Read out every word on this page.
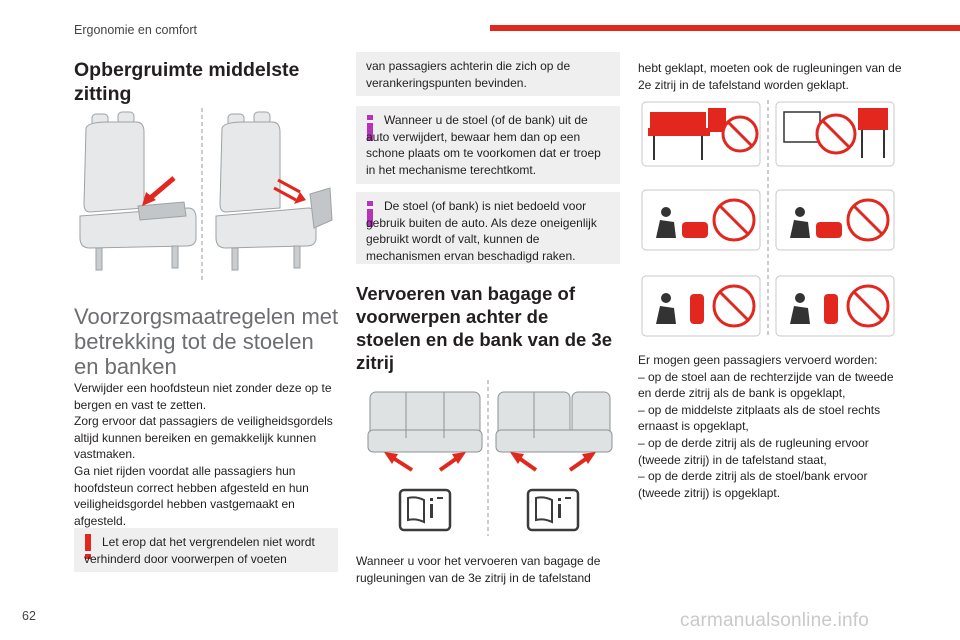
Ergonomie en comfort
Opbergruimte middelste zitting
Voorzorgsmaatregelen met betrekking tot de stoelen en banken
Verwijder een hoofdsteun niet zonder deze op te bergen en vast te zetten.
Zorg ervoor dat passagiers de veiligheidsgordels altijd kunnen bereiken en gemakkelijk kunnen vastmaken.
Ga niet rijden voordat alle passagiers hun hoofdsteun correct hebben afgesteld en hun veiligheidsgordel hebben vastgemaakt en afgesteld.
Let erop dat het vergrendelen niet wordt verhinderd door voorwerpen of voeten
van passagiers achterin die zich op de verankeringspunten bevinden.
Wanneer u de stoel (of de bank) uit de auto verwijdert, bewaar hem dan op een schone plaats om te voorkomen dat er troep in het mechanisme terechtkomt.
De stoel (of bank) is niet bedoeld voor gebruik buiten de auto. Als deze oneigenlijk gebruikt wordt of valt, kunnen de mechanismen ervan beschadigd raken.
Vervoeren van bagage of voorwerpen achter de stoelen en de bank van de 3e zitrij
Wanneer u voor het vervoeren van bagage de rugleuningen van de 3e zitrij in de tafelstand
hebt geklapt, moeten ook de rugleuningen van de 2e zitrij in de tafelstand worden geklapt.
Er mogen geen passagiers vervoerd worden:
– op de stoel aan de rechterzijde van de tweede en derde zitrij als de bank is opgeklapt,
– op de middelste zitplaats als de stoel rechts ernaast is opgeklapt,
– op de derde zitrij als de rugleuning ervoor (tweede zitrij) in de tafelstand staat,
– op de derde zitrij als de stoel/bank ervoor (tweede zitrij) is opgeklapt.
62	carmanualsonline.info
